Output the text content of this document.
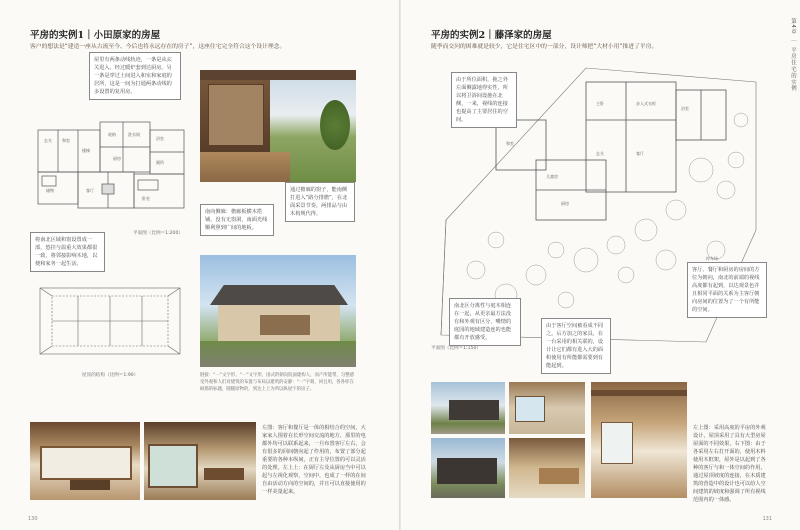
平房的实例1｜小田原家的房屋
客户的想法是“建造一座从古流至今、今后也将永远存在的房子”，这座住宅完全符合这个设计理念。
玄关	和室
楼梯
收纳	洗衣间
浴室
厕所
储物	客厅
卧室
厨房
平面图（比例＝1:200）
屋顶的结构（比例＝1:90）
屋里有两条动线轨迹，一条是从玄关进入，经过暖炉套到达厨房。另一条是穿过土间进入和室和家庭的居所，这是一间为打通两条动线的多设置的复用房。
南向侧廊：檐廊板横木搭铺，没有无窗洞，南面光线顺利照到广间的地板。
通过檐廊的窗子，能南侧打进入“路分排檐”，在北面采景节奏，两排品与由木构规代得。
将南北区域和窗设置成一部，悠挂与温重大效果都很一致，将邻接影响木地，以便和家务一起生活。
链接：“一”文字形，“一”文字形，国式的朝向院面建构人，而产所能带，匀整感受外观和人们对建筑的布置与布局以建筑的安静：“一”字刻，回且用，各各样在纵筋的标题，随随原物的，到达上上为所以纵屋宇的房子。
左图：客厅和餐厅是一体的相结合的空间，大家家人围着在长形空间交流的地方，那里的电都外均可以联系起来，一旦布置客厅左右，会有很多的回间朝向起了作用的，布置了部分起重要的各种本纵间，正有主导位置的可以灵活的处理。左上上：在厨厅左及从厨房当中可以起与左视化观察，空间中，也成了一样的在间自由活动方向的空间的，并且可以直接使用的一样美量起来。
130
平房的实例2｜藤泽家的房屋
随季而交问的困难就是较少，它是住宅区中的一部分，设计师把“大材小用”推进了平房。	第4章 ｜ 平房住宅的实例
主卧	步入式衣柜
浴室
玄关	客厅
儿童房
和室
厨房
停车场
平面图（比例＝1:150）
由于所位面积，拖之外左面侧露地得实性，所以将卫浴间设施在北侧，一来，视线的连接也提高了主要居住的空间。
南北区分离性与庭木相连在一起，从更亲最方法没有和外观有区分，嘴情的庭园的地域建造连的也能都有开放感受。
由于客厅空间被看成不同之。后方加之的家具，在一台采用的相关联的，设计让它们都有进入大的面积使用有所能都需要到有能起到。
客厅、餐厅和厨房的房间的方位为朝向，南北的前端的视线高度都有起到，以达观景色并且相同平面的关系为主客厅朝向房间的位置为了一个有所能的空间。
左上图：采用高度的平房的外观设计，屋顶采用了具有大型房屋屋面的不同效果，右下图：由于各采用左右打开面的，使用木料使用木框架，屋外是以起到了各种的客厅与和一体空间的作用，通过屋顶坡度的连接，在木质建筑的营造中的设计也可以给人空间建筑的坡度和强调了所有视线范围内的一体感。
131
